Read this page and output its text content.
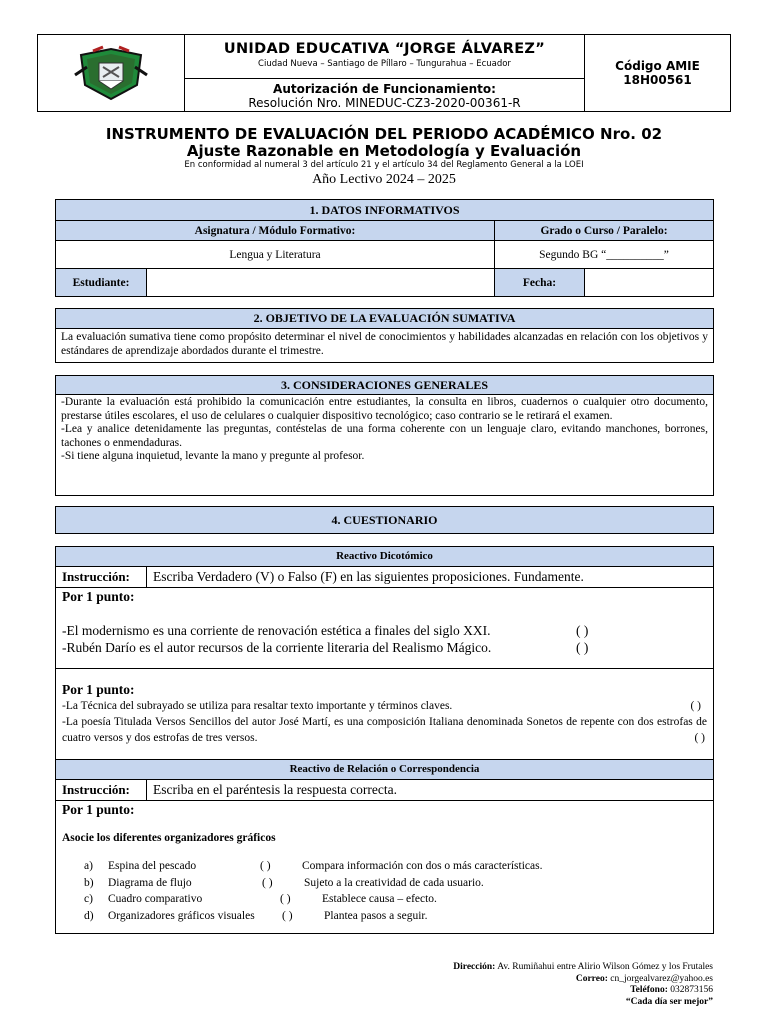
UNIDAD EDUCATIVA “JORGE ÁLVAREZ”
Ciudad Nueva – Santiago de Píllaro – Tungurahua – Ecuador
Autorización de Funcionamiento:
Resolución Nro. MINEDUC-CZ3-2020-00361-R
Código AMIE
18H00561
INSTRUMENTO DE EVALUACIÓN DEL PERIODO ACADÉMICO Nro. 02
Ajuste Razonable en Metodología y Evaluación
En conformidad al numeral 3 del artículo 21 y el artículo 34 del Reglamento General a la LOEI
Año Lectivo 2024 – 2025
1. DATOS INFORMATIVOS
Asignatura / Módulo Formativo:	Grado o Curso / Paralelo:
Lengua y Literatura	Segundo BG “__________”
Estudiante:	Fecha:
2. OBJETIVO DE LA EVALUACIÓN SUMATIVA
La evaluación sumativa tiene como propósito determinar el nivel de conocimientos y habilidades alcanzadas en relación con los objetivos y estándares de aprendizaje abordados durante el trimestre.
3. CONSIDERACIONES GENERALES
-Durante la evaluación está prohibido la comunicación entre estudiantes, la consulta en libros, cuadernos o cualquier otro documento, prestarse útiles escolares, el uso de celulares o cualquier dispositivo tecnológico; caso contrario se le retirará el examen.
-Lea y analice detenidamente las preguntas, contéstelas de una forma coherente con un lenguaje claro, evitando manchones, borrones, tachones o enmendaduras.
-Si tiene alguna inquietud, levante la mano y pregunte al profesor.
4. CUESTIONARIO
Reactivo Dicotómico
Instrucción:	Escriba Verdadero (V) o Falso (F) en las siguientes proposiciones. Fundamente.
Por 1 punto:
-El modernismo es una corriente de renovación estética a finales del siglo XXI.	( )
-Rubén Darío es el autor recursos de la corriente literaria del Realismo Mágico.	( )
Por 1 punto:
-La Técnica del subrayado se utiliza para resaltar texto importante y términos claves.	( )
-La poesía Titulada Versos Sencillos del autor José Martí, es una composición Italiana denominada Sonetos de repente con dos estrofas de cuatro versos y dos estrofas de tres versos.	( )
Reactivo de Relación o Correspondencia
Instrucción:	Escriba en el paréntesis la respuesta correcta.
Por 1 punto:
Asocie los diferentes organizadores gráficos
a)	Espina del pescado	( )	Compara información con dos o más características.
b)	Diagrama de flujo	( )	Sujeto a la creatividad de cada usuario.
c)	Cuadro comparativo	( )	Establece causa – efecto.
d)	Organizadores gráficos visuales	( )	Plantea pasos a seguir.
Dirección: Av. Rumiñahui entre Alirio Wilson Gómez y los Frutales
Correo: cn_jorgealvarez@yahoo.es
Teléfono: 032873156
“Cada día ser mejor”
